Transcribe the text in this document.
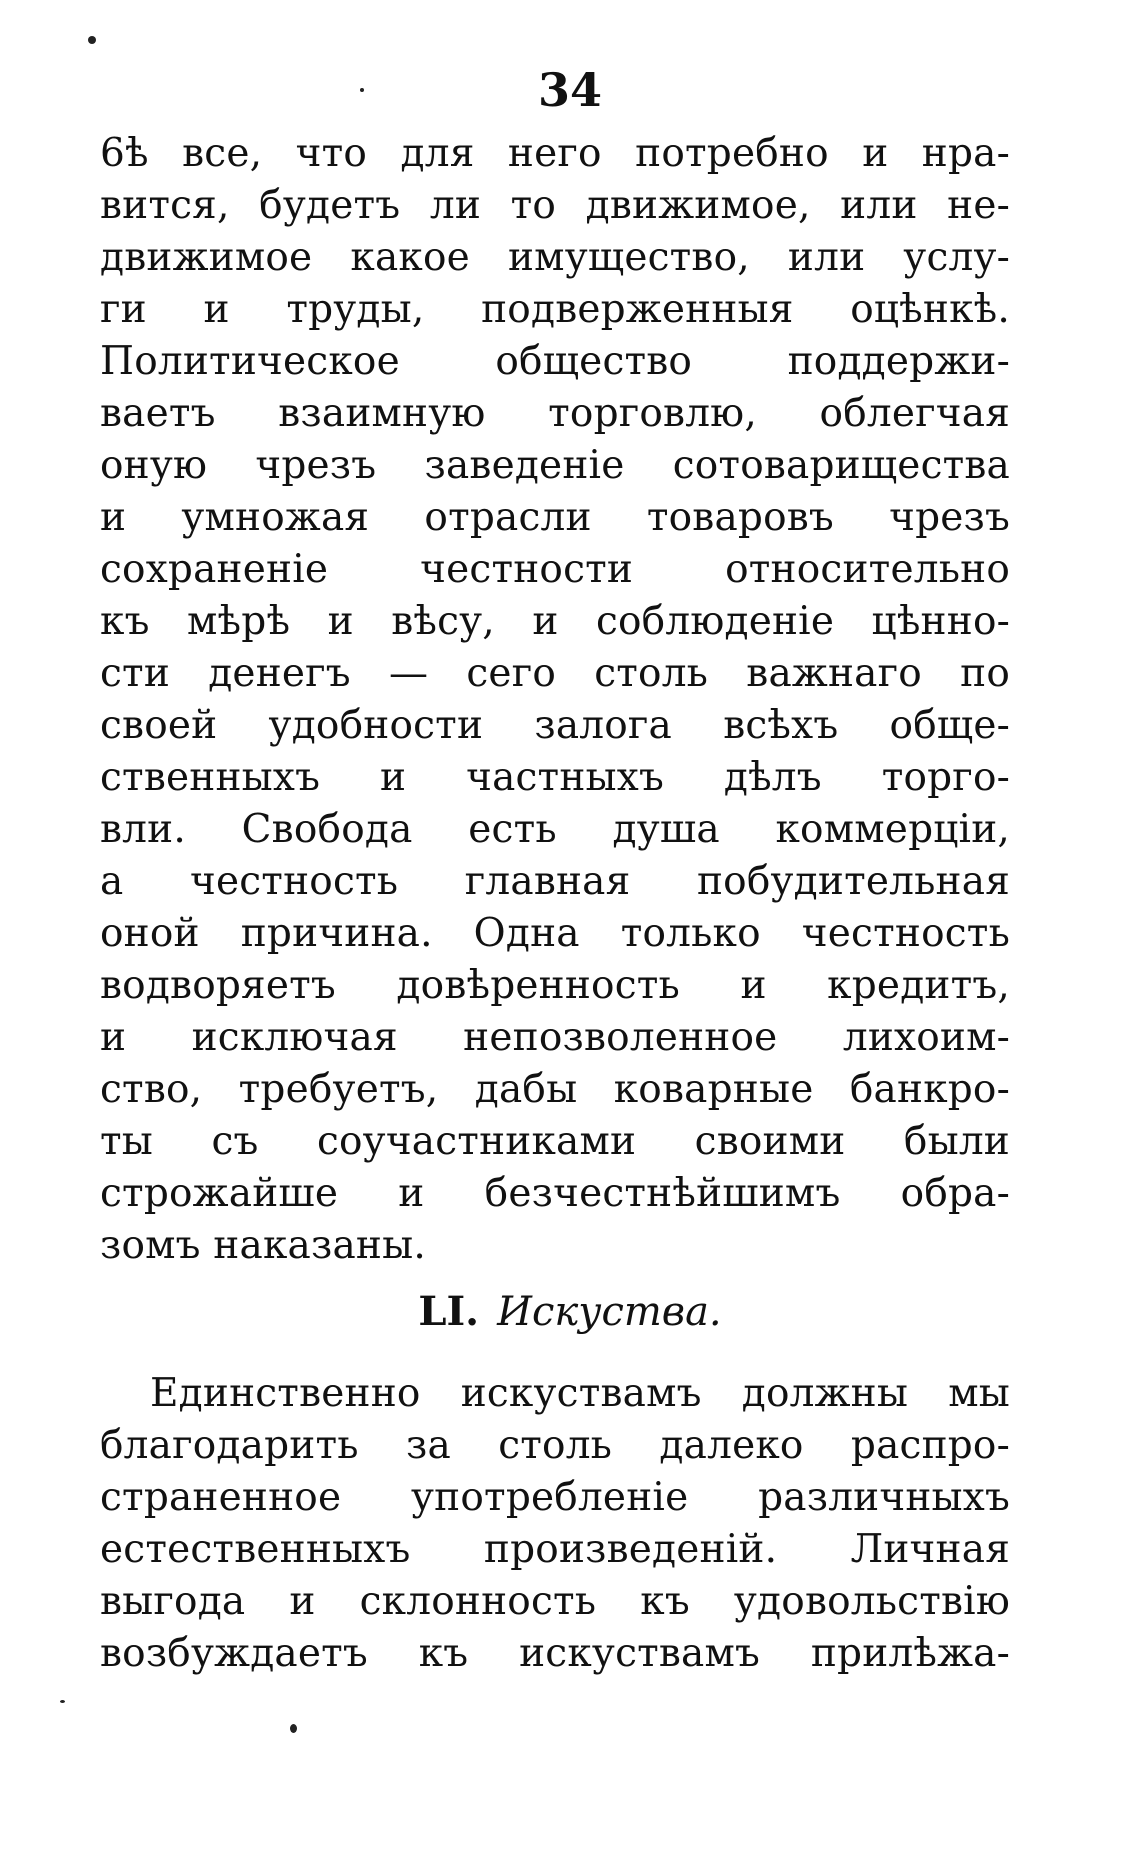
34
6ѣ все, что для него потребно и нра-
вится, будетъ ли то движимое, или не-
движимое какое имущество, или услу-
ги и труды, подверженныя оцѣнкѣ.
Политическое общество поддержи-
ваетъ взаимную торговлю, облегчая
оную чрезъ заведеніе сотоварищества
и умножая отрасли товаровъ чрезъ
сохраненіе честности относительно
къ мѣрѣ и вѣсу, и соблюденіе цѣнно-
сти денегъ — сего столь важнаго по
своей удобности залога всѣхъ обще-
ственныхъ и частныхъ дѣлъ торго-
вли. Свобода есть душа коммерціи,
а честность главная побудительная
оной причина. Одна только честность
водворяетъ довѣренность и кредитъ,
и исключая непозволенное лихоим-
ство, требуетъ, дабы коварные банкро-
ты съ соучастниками своими были
строжайше и безчестнѣйшимъ обра-
зомъ наказаны.
LI. Искуства.
Единственно искуствамъ должны мы
благодарить за столь далеко распро-
страненное употребленіе различныхъ
естественныхъ произведеній. Личная
выгода и склонность къ удовольствію
возбуждаетъ къ искуствамъ прилѣжа-
